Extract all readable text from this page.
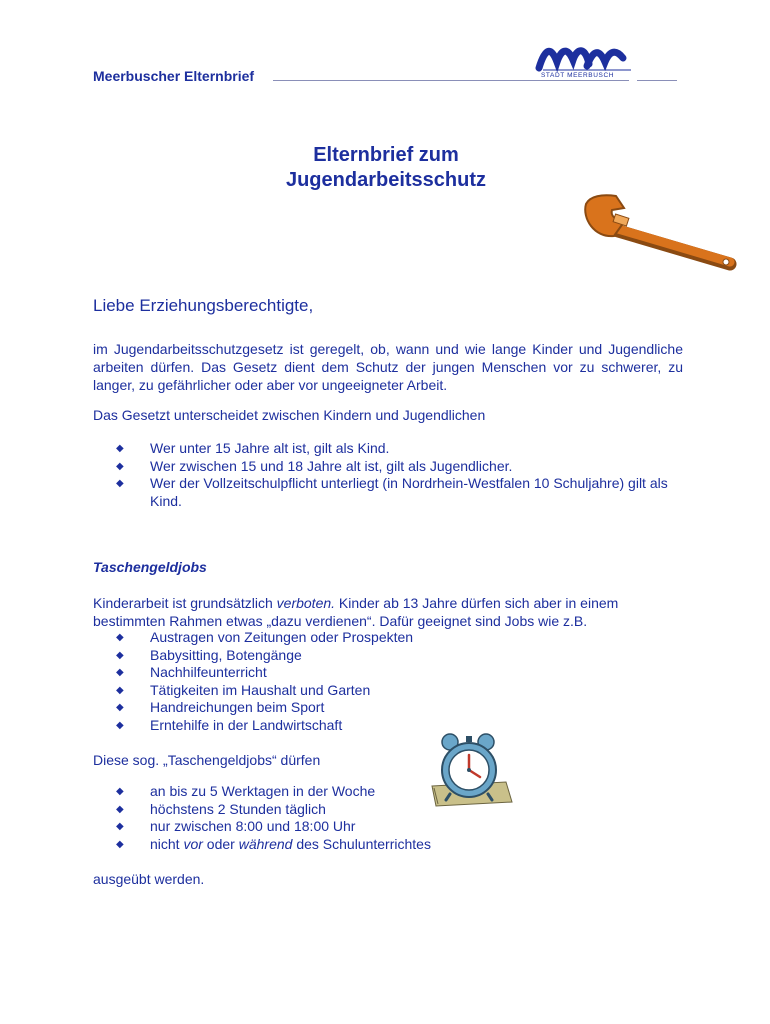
Meerbuscher Elternbrief	STADT MEERBUSCH
Elternbrief zum
Jugendarbeitsschutz
Liebe Erziehungsberechtigte,
im Jugendarbeitsschutzgesetz ist geregelt, ob, wann und wie lange Kinder und Jugendliche arbeiten dürfen. Das Gesetz dient dem Schutz der jungen Menschen vor zu schwerer, zu langer, zu gefährlicher oder aber vor ungeeigneter Arbeit.
Das Gesetzt unterscheidet zwischen Kindern und Jugendlichen
◆ Wer unter 15 Jahre alt ist, gilt als Kind.
◆ Wer zwischen 15 und 18 Jahre alt ist, gilt als Jugendlicher.
◆ Wer der Vollzeitschulpflicht unterliegt (in Nordrhein-Westfalen 10 Schuljahre) gilt als Kind.
Taschengeldjobs
Kinderarbeit ist grundsätzlich verboten. Kinder ab 13 Jahre dürfen sich aber in einem bestimmten Rahmen etwas „dazu verdienen“. Dafür geeignet sind Jobs wie z.B.
◆ Austragen von Zeitungen oder Prospekten
◆ Babysitting, Botengänge
◆ Nachhilfeunterricht
◆ Tätigkeiten im Haushalt und Garten
◆ Handreichungen beim Sport
◆ Erntehilfe in der Landwirtschaft
Diese sog. „Taschengeldjobs“ dürfen
◆ an bis zu 5 Werktagen in der Woche
◆ höchstens 2 Stunden täglich
◆ nur zwischen 8:00 und 18:00 Uhr
◆ nicht vor oder während des Schulunterrichtes
ausgeübt werden.
